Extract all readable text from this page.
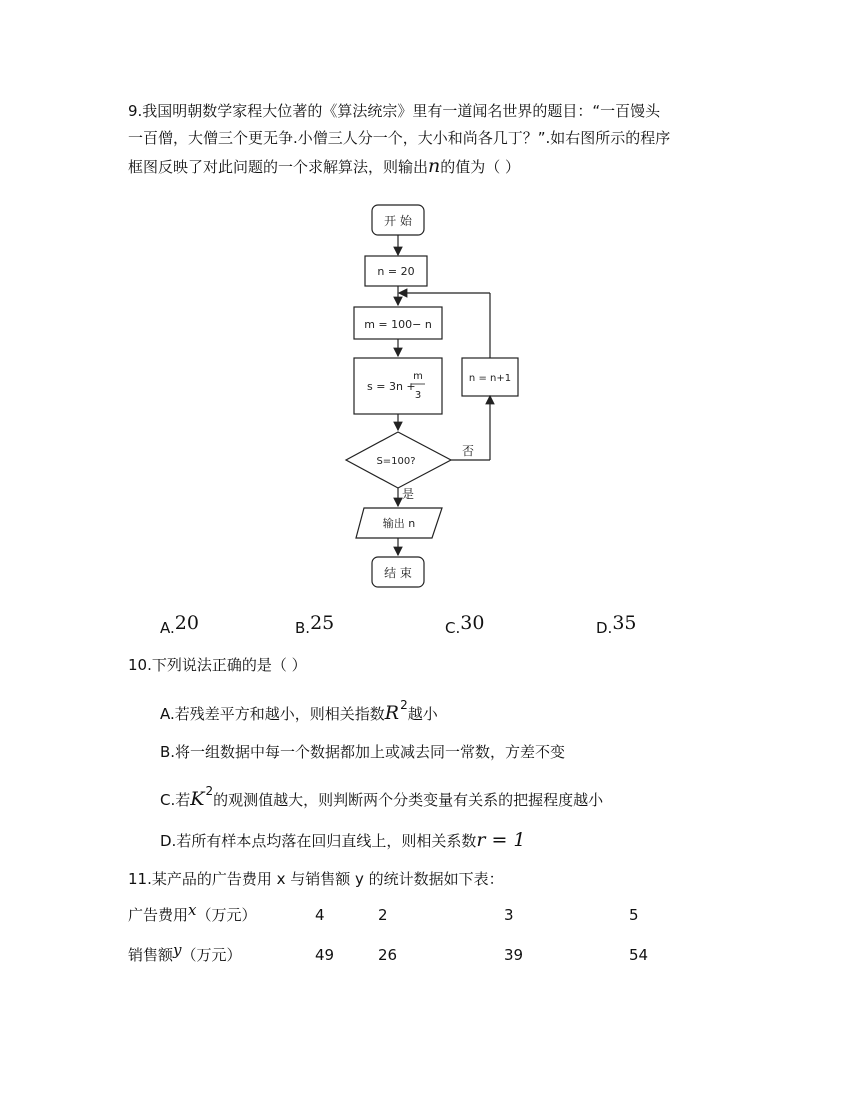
9.我国明朝数学家程大位著的《算法统宗》里有一道闻名世界的题目：“一百馒头
一百僧，大僧三个更无争.小僧三人分一个，大小和尚各几丁？”.如右图所示的程序
框图反映了对此问题的一个求解算法，则输出n的值为（ ）
开 始
n = 20
m = 100− n
s = 3n +
m
3
S=100?
否
是
n = n+1
输出 n
结 束
A.20	B.25	C.30	D.35
10.下列说法正确的是（ ）
A.若残差平方和越小，则相关指数$R^2$越小
B.将一组数据中每一个数据都加上或减去同一常数，方差不变
C.若$K^2$的观测值越大，则判断两个分类变量有关系的把握程度越小
D.若所有样本点均落在回归直线上，则相关系数r = 1
11.某产品的广告费用 x 与销售额 y 的统计数据如下表：
广告费用x（万元）	4	2	3	5
销售额y（万元）	49	26	39	54
